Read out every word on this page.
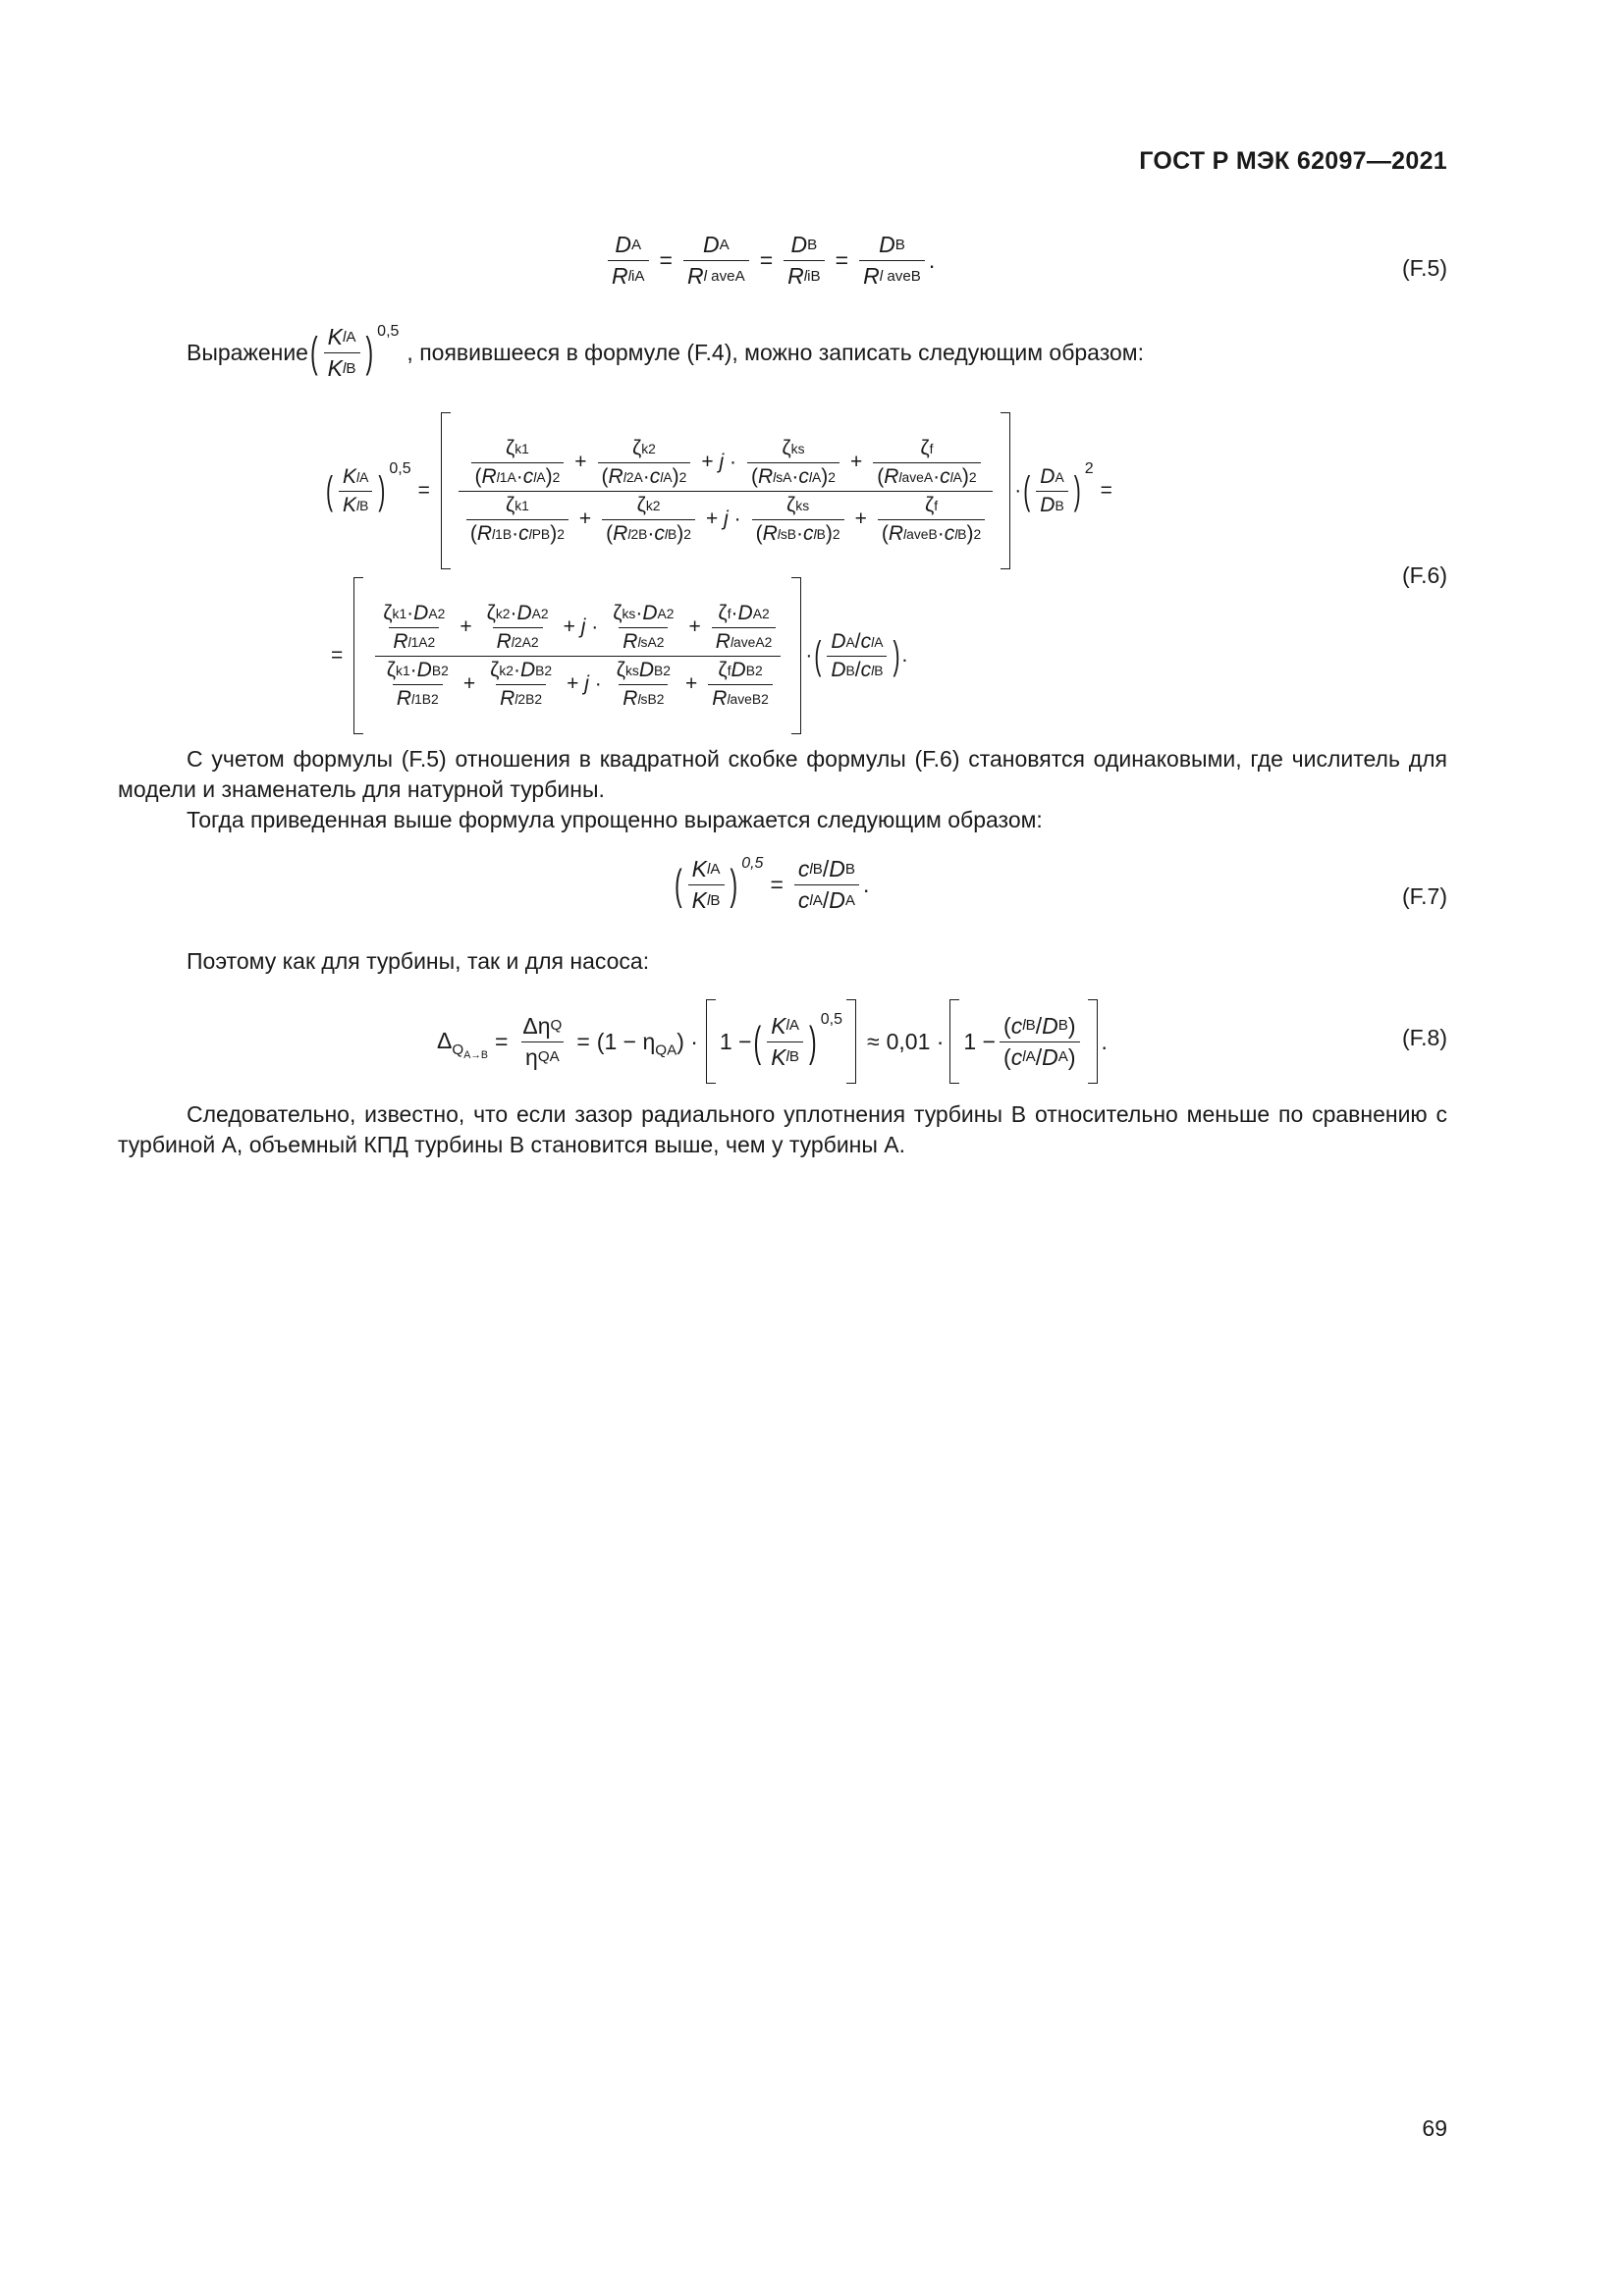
ГОСТ Р МЭК 62097—2021
D A
R liA
=
D A
R l aveA
=
D B
R liB
=
D B
R l aveB
.	(F.5)
Выражение ( K lA
K lB ) 0,5
, появившееся в формуле (F.4), можно записать следующим образом:
( K lA
K lB )
0,5
=
ζ k1
( R l1A · c lA ) 2
+
ζ k2
( R l2A · c lA ) 2
+ j ·
ζ ks
( R lsA · c lA ) 2
+
ζ f
( R laveA · c lA ) 2
ζ k1
( R l1B · c lPB ) 2
+
ζ k2
( R l2B · c lB ) 2
+ j ·
ζ ks
( R lsB · c lB ) 2
+
ζ f
( R laveB · c lB ) 2
· ( D A
D B )
2
=
(F.6)
=
ζ k1 · D A 2
R l1A 2
+ $\frac{\text{ζ k2 · D A 2}}{\text{R l2A 2}} + j$ ·
ζ ks · D A 2
R lsA 2
+
ζ f · D A 2
R laveA 2
ζ k1 · D B 2
R l1B 2
+ $\frac{\text{ζ k2 · D B 2}}{\text{R l2B 2}} + j$ ·
ζ ks D B 2
R lsB 2
+
ζ f D B 2
R laveB 2
· ( D A / c lA
D B / c lB ) .
С учетом формулы (F.5) отношения в квадратной скобке формулы (F.6) становятся одинаковыми, где числитель для модели и знаменатель для натурной турбины.
Тогда приведенная выше формула упрощенно выражается следующим образом:
( K lA
K lB ) 0,5
=
c lB / D B
c lA / D A
.	(F.7)
Поэтому как для турбины, так и для насоса:
$\Delta_{Q_{A\to B}}$
=
Δη Q
η QA
= $(1 - \eta_{QA}) \cdot 1$ − ( K lA
K lB ) 0,5
≈ 0,01 · 1 −
( c lB / D B )
( c lA / D A )
.	(F.8)
Следовательно, известно, что если зазор радиального уплотнения турбины В относительно меньше по сравнению с турбиной А, объемный КПД турбины В становится выше, чем у турбины А.
69
